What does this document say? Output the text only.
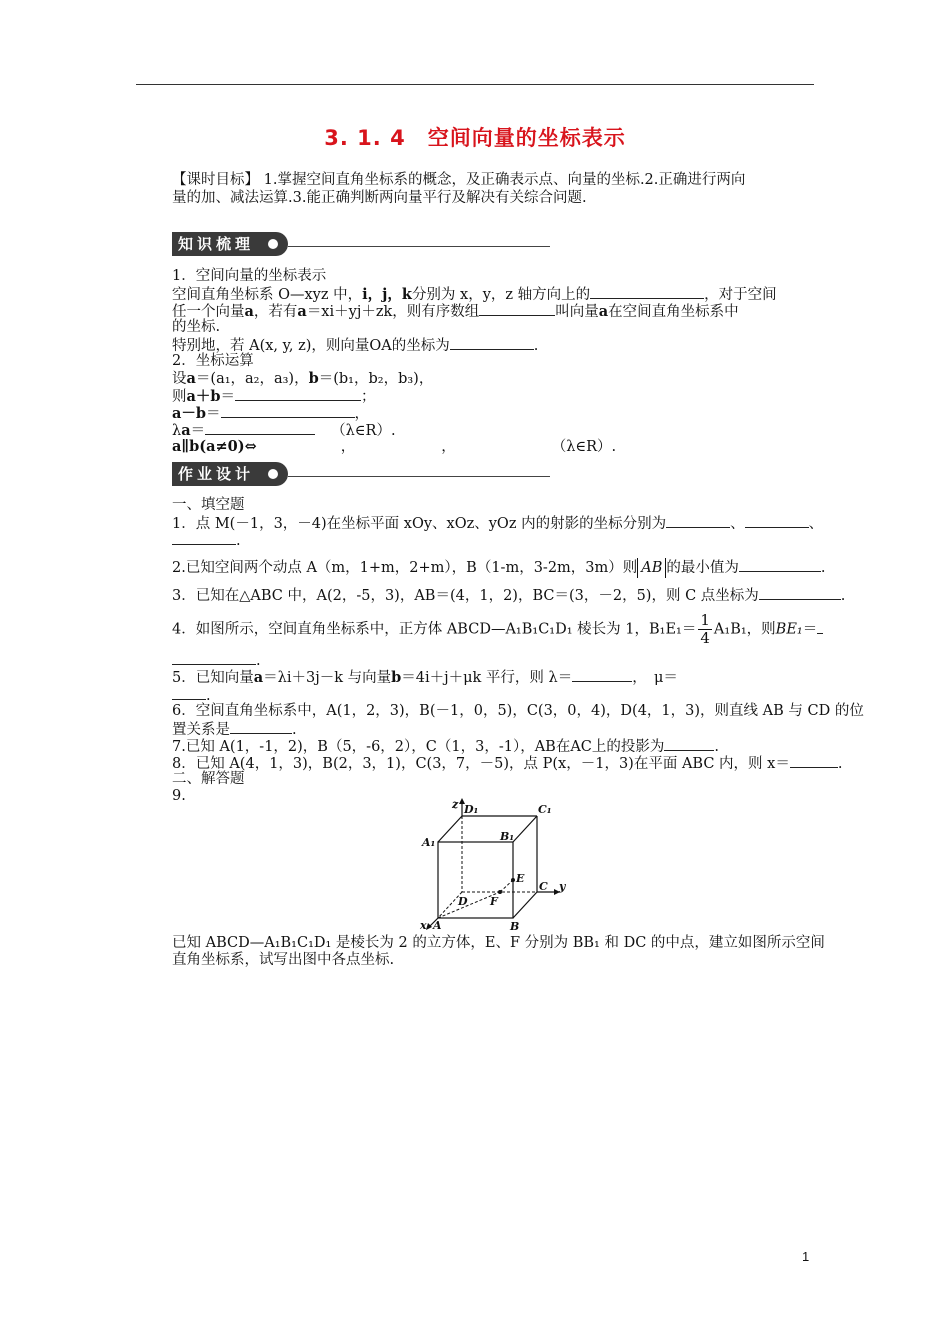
3. 1. 4　空间向量的坐标表示
【课时目标】 1.掌握空间直角坐标系的概念，及正确表示点、向量的坐标.2.正确进行两向
量的加、减法运算.3.能正确判断两向量平行及解决有关综合问题.
知识梳理
1．空间向量的坐标表示
空间直角坐标系 O—xyz 中，i，j，k分别为 x，y，z 轴方向上的	，对于空间
任一个向量a，若有a＝xi＋yj＋zk，则有序数组	叫向量a在空间直角坐标系中
的坐标.
特别地，若 A(x, y, z)，则向量OA的坐标为	.
2．坐标运算
设a＝(a₁，a₂，a₃)，b＝(b₁，b₂，b₃)，
则a＋b＝	；
a－b＝	，
λa＝	（λ∈R）.
a∥b(a≠0)⇔	，	，	（λ∈R）.
作业设计
一、填空题
1．点 M(－1，3，－4)在坐标平面 xOy、xOz、yOz 内的射影的坐标分别为	、	、
.
2.已知空间两个动点 A（m，1+m，2+m），B（1-m，3-2m，3m）则 AB 的最小值为	.
3．已知在△ABC 中，A(2，-5，3)，AB＝(4，1，2)，BC＝(3，－2，5)，则 C 点坐标为	.
4．如图所示，空间直角坐标系中，正方体 ABCD—A₁B₁C₁D₁ 棱长为 1，$B_1E_1= \frac{1}{4} A_1B_1$，则BE₁＝
.
5．已知向量a＝λi＋3j－k 与向量b＝4i＋j＋μk 平行，则 λ＝	，　μ＝
.
6．空间直角坐标系中，A(1，2，3)，B(－1，0，5)，C(3，0，4)，D(4，1，3)，则直线 AB 与 CD 的位
置关系是	.
7.已知 A(1，-1，2)，B（5，-6，2），C（1，3，-1），AB在AC上的投影为	.
8．已知 A(4，1，3)，B(2，3，1)，C(3，7，－5)，点 P(x，－1，3)在平面 ABC 内，则 x＝	.
二、解答题
9.
z D₁	C₁
A₁	B₁
E
C y
D F
x A	B
已知 ABCD—A₁B₁C₁D₁ 是棱长为 2 的立方体，E、F 分别为 BB₁ 和 DC 的中点，建立如图所示空间
直角坐标系，试写出图中各点坐标.
1
